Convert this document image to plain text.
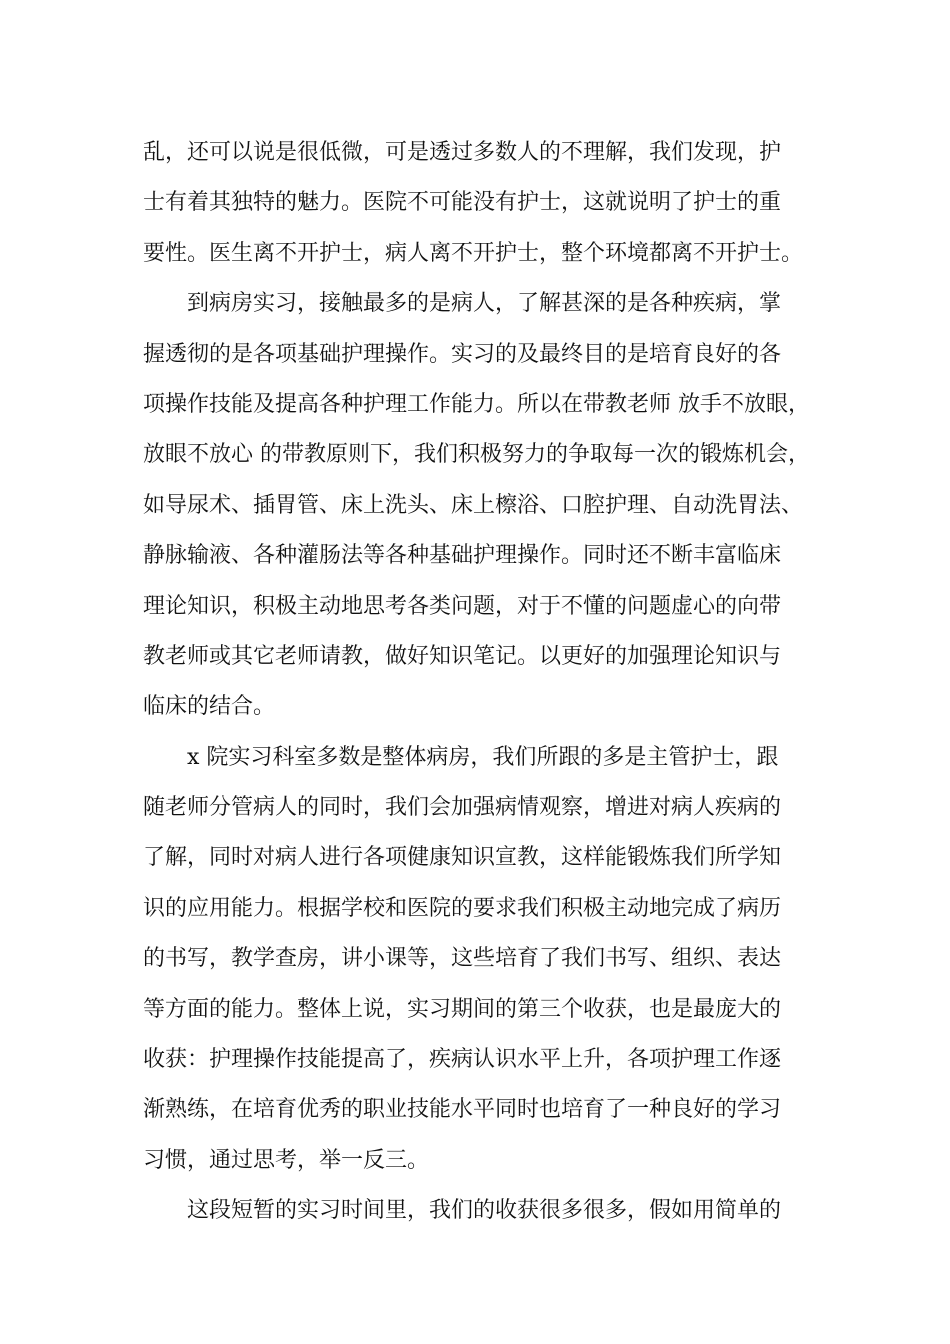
乱，还可以说是很低微，可是透过多数人的不理解，我们发现，护
士有着其独特的魅力。医院不可能没有护士，这就说明了护士的重
要性。医生离不开护士，病人离不开护士，整个环境都离不开护士。
到病房实习，接触最多的是病人，了解甚深的是各种疾病，掌
握透彻的是各项基础护理操作。实习的及最终目的是培育良好的各
项操作技能及提高各种护理工作能力。所以在带教老师 放手不放眼，
放眼不放心 的带教原则下，我们积极努力的争取每一次的锻炼机会，
如导尿术、插胃管、床上洗头、床上檫浴、口腔护理、自动洗胃法、
静脉输液、各种灌肠法等各种基础护理操作。同时还不断丰富临床
理论知识，积极主动地思考各类问题，对于不懂的问题虚心的向带
教老师或其它老师请教，做好知识笔记。以更好的加强理论知识与
临床的结合。
x 院实习科室多数是整体病房，我们所跟的多是主管护士，跟
随老师分管病人的同时，我们会加强病情观察，增进对病人疾病的
了解，同时对病人进行各项健康知识宣教，这样能锻炼我们所学知
识的应用能力。根据学校和医院的要求我们积极主动地完成了病历
的书写，教学查房，讲小课等，这些培育了我们书写、组织、表达
等方面的能力。整体上说，实习期间的第三个收获，也是最庞大的
收获：护理操作技能提高了，疾病认识水平上升，各项护理工作逐
渐熟练，在培育优秀的职业技能水平同时也培育了一种良好的学习
习惯，通过思考，举一反三。
这段短暂的实习时间里，我们的收获很多很多，假如用简单的
